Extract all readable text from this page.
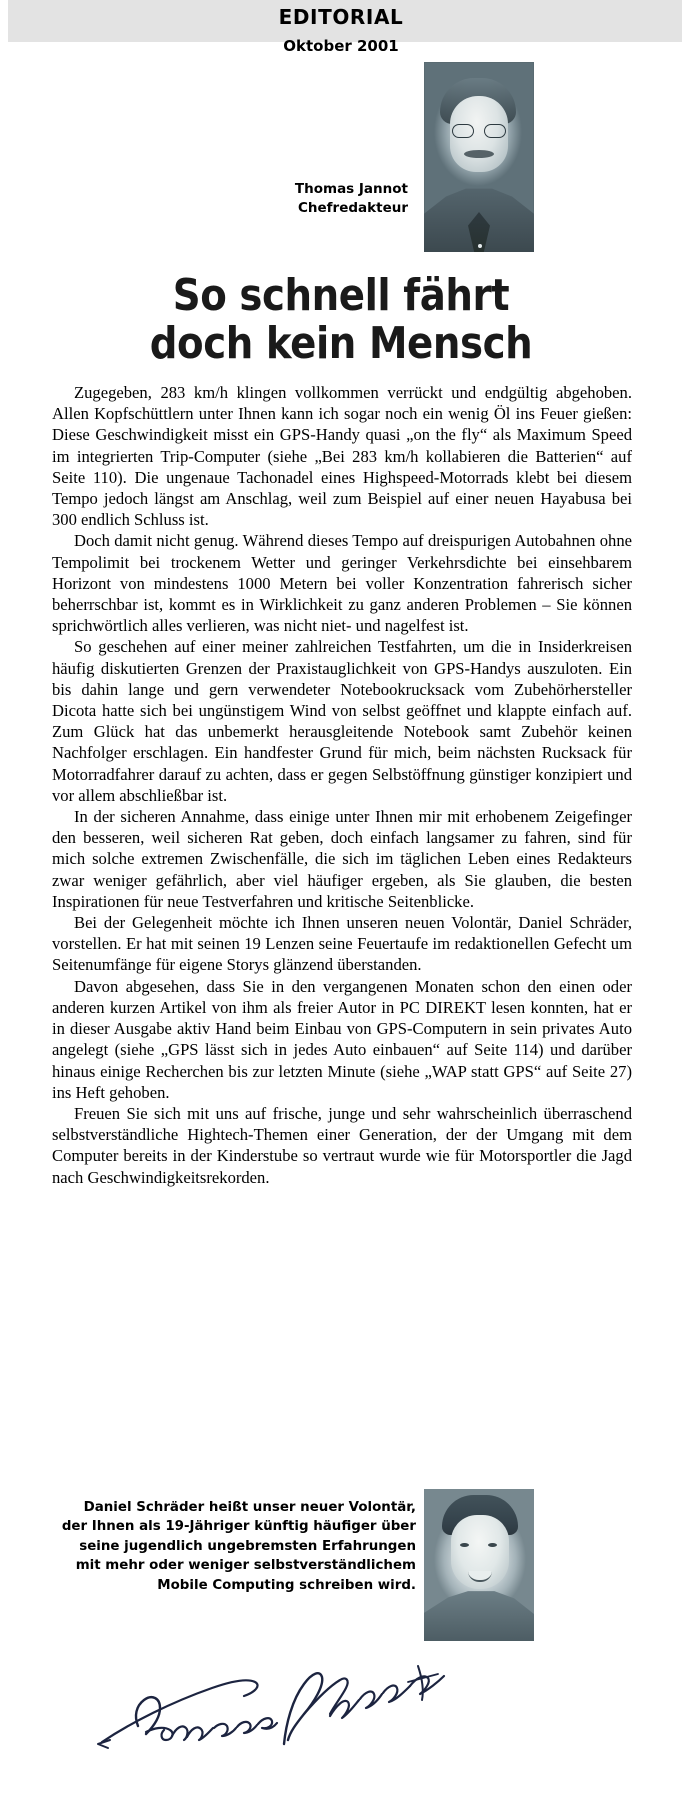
EDITORIAL
Oktober 2001
Thomas Jannot
Chefredakteur
So schnell fährt
doch kein Mensch

Zugegeben, 283 km/h klingen vollkommen verrückt und endgültig abgehoben. Allen Kopfschüttlern unter Ihnen kann ich sogar noch ein wenig Öl ins Feuer gießen: Diese Geschwindigkeit misst ein GPS-Handy quasi „on the fly“ als Maximum Speed im integrierten Trip-Computer (siehe „Bei 283 km/h kollabieren die Batterien“ auf Seite 110). Die ungenaue Tachonadel eines Highspeed-Motorrads klebt bei diesem Tempo jedoch längst am Anschlag, weil zum Beispiel auf einer neuen Hayabusa bei 300 endlich Schluss ist.

Doch damit nicht genug. Während dieses Tempo auf dreispurigen Autobahnen ohne Tempolimit bei trockenem Wetter und geringer Verkehrsdichte bei einsehbarem Horizont von mindestens 1000 Metern bei voller Konzentration fahrerisch sicher beherrschbar ist, kommt es in Wirklichkeit zu ganz anderen Problemen – Sie können sprichwörtlich alles verlieren, was nicht niet- und nagelfest ist.

So geschehen auf einer meiner zahlreichen Testfahrten, um die in Insiderkreisen häufig diskutierten Grenzen der Praxistauglichkeit von GPS-Handys auszuloten. Ein bis dahin lange und gern verwendeter Notebookrucksack vom Zubehörhersteller Dicota hatte sich bei ungünstigem Wind von selbst geöffnet und klappte einfach auf. Zum Glück hat das unbemerkt herausgleitende Notebook samt Zubehör keinen Nachfolger erschlagen. Ein handfester Grund für mich, beim nächsten Rucksack für Motorradfahrer darauf zu achten, dass er gegen Selbstöffnung günstiger konzipiert und vor allem abschließbar ist.

In der sicheren Annahme, dass einige unter Ihnen mir mit erhobenem Zeigefinger den besseren, weil sicheren Rat geben, doch einfach langsamer zu fahren, sind für mich solche extremen Zwischenfälle, die sich im täglichen Leben eines Redakteurs zwar weniger gefährlich, aber viel häufiger ergeben, als Sie glauben, die besten Inspirationen für neue Testverfahren und kritische Seitenblicke.

Bei der Gelegenheit möchte ich Ihnen unseren neuen Volontär, Daniel Schräder, vorstellen. Er hat mit seinen 19 Lenzen seine Feuertaufe im redaktionellen Gefecht um Seitenumfänge für eigene Storys glänzend überstanden.

Davon abgesehen, dass Sie in den vergangenen Monaten schon den einen oder anderen kurzen Artikel von ihm als freier Autor in PC DIREKT lesen konnten, hat er in dieser Ausgabe aktiv Hand beim Einbau von GPS-Computern in sein privates Auto angelegt (siehe „GPS lässt sich in jedes Auto einbauen“ auf Seite 114) und darüber hinaus einige Recherchen bis zur letzten Minute (siehe „WAP statt GPS“ auf Seite 27) ins Heft gehoben.

Freuen Sie sich mit uns auf frische, junge und sehr wahrscheinlich überraschend selbstverständliche Hightech-Themen einer Generation, der der Umgang mit dem Computer bereits in der Kinderstube so vertraut wurde wie für Motorsportler die Jagd nach Geschwindigkeitsrekorden.

Daniel Schräder heißt unser neuer Volontär,
der Ihnen als 19-Jähriger künftig häufiger über
seine jugendlich ungebremsten Erfahrungen
mit mehr oder weniger selbstverständlichem
Mobile Computing schreiben wird.
